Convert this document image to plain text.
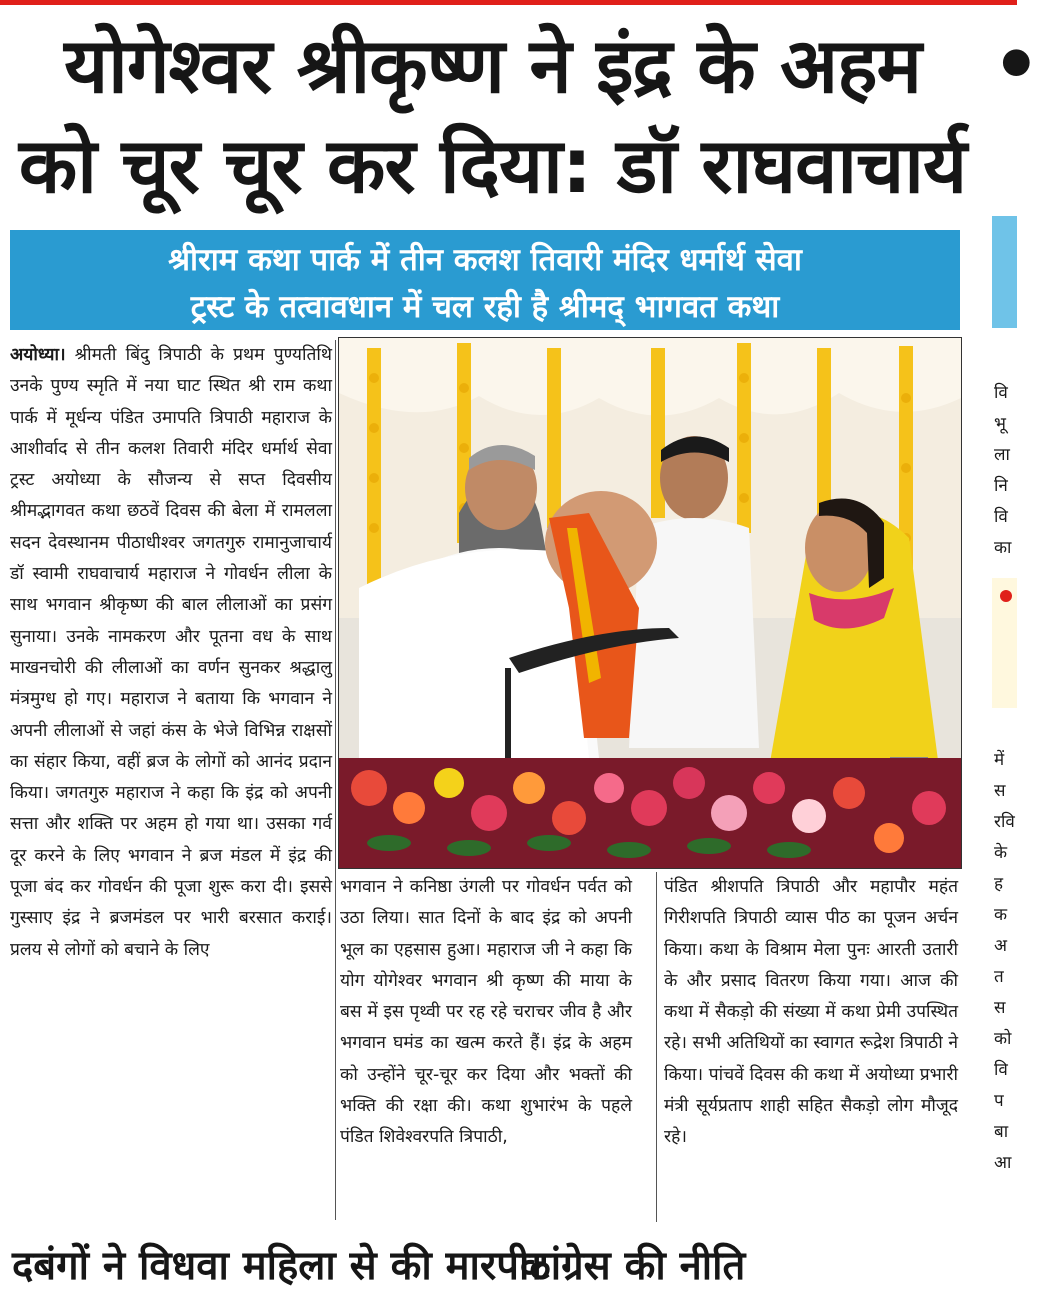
योगेश्वर श्रीकृष्ण ने इंद्र के अहम
को चूर चूर कर दिया: डॉ राघवाचार्य
श्रीराम कथा पार्क में तीन कलश तिवारी मंदिर धर्मार्थ सेवा
ट्रस्ट के तत्वावधान में चल रही है श्रीमद् भागवत कथा
अयोध्या। श्रीमती बिंदु त्रिपाठी के प्रथम पुण्यतिथि उनके पुण्य स्मृति में नया घाट स्थित श्री राम कथा पार्क में मूर्धन्य पंडित उमापति त्रिपाठी महाराज के आशीर्वाद से तीन कलश तिवारी मंदिर धर्मार्थ सेवा ट्रस्ट अयोध्या के सौजन्य से सप्त दिवसीय श्रीमद्भागवत कथा छठवें दिवस की बेला में रामलला सदन देवस्थानम पीठाधीश्वर जगतगुरु रामानुजाचार्य डॉ स्वामी राघवाचार्य महाराज ने गोवर्धन लीला के साथ भगवान श्रीकृष्ण की बाल लीलाओं का प्रसंग सुनाया। उनके नामकरण और पूतना वध के साथ माखनचोरी की लीलाओं का वर्णन सुनकर श्रद्धालु मंत्रमुग्ध हो गए। महाराज ने बताया कि भगवान ने अपनी लीलाओं से जहां कंस के भेजे विभिन्न राक्षसों का संहार किया, वहीं ब्रज के लोगों को आनंद प्रदान किया। जगतगुरु महाराज ने कहा कि इंद्र को अपनी सत्ता और शक्ति पर अहम हो गया था। उसका गर्व दूर करने के लिए भगवान ने ब्रज मंडल में इंद्र की पूजा बंद कर गोवर्धन की पूजा शुरू करा दी। इससे गुस्साए इंद्र ने ब्रजमंडल पर भारी बरसात कराई। प्रलय से लोगों को बचाने के लिए
भगवान ने कनिष्ठा उंगली पर गोवर्धन पर्वत को उठा लिया। सात दिनों के बाद इंद्र को अपनी भूल का एहसास हुआ। महाराज जी ने कहा कि योग योगेश्वर भगवान श्री कृष्ण की माया के बस में इस पृथ्वी पर रह रहे चराचर जीव है और भगवान घमंड का खत्म करते हैं। इंद्र के अहम को उन्होंने चूर-चूर कर दिया और भक्तों की भक्ति की रक्षा की। कथा शुभारंभ के पहले पंडित शिवेश्वरपति त्रिपाठी,
पंडित श्रीशपति त्रिपाठी और महापौर महंत गिरीशपति त्रिपाठी व्यास पीठ का पूजन अर्चन किया। कथा के विश्राम मेला पुनः आरती उतारी के और प्रसाद वितरण किया गया। आज की कथा में सैकड़ो की संख्या में कथा प्रेमी उपस्थित रहे। सभी अतिथियों का स्वागत रूद्रेश त्रिपाठी ने किया। पांचवें दिवस की कथा में अयोध्या प्रभारी मंत्री सूर्यप्रताप शाही सहित सैकड़ो लोग मौजूद रहे।
•
वि
भू
ला
नि
वि
का
में
स
रवि
के
ह
क
अ
त
स
को
वि
प
बा
आ
दबंगों ने विधवा महिला से की मारपीट
कांग्रेस की नीति
